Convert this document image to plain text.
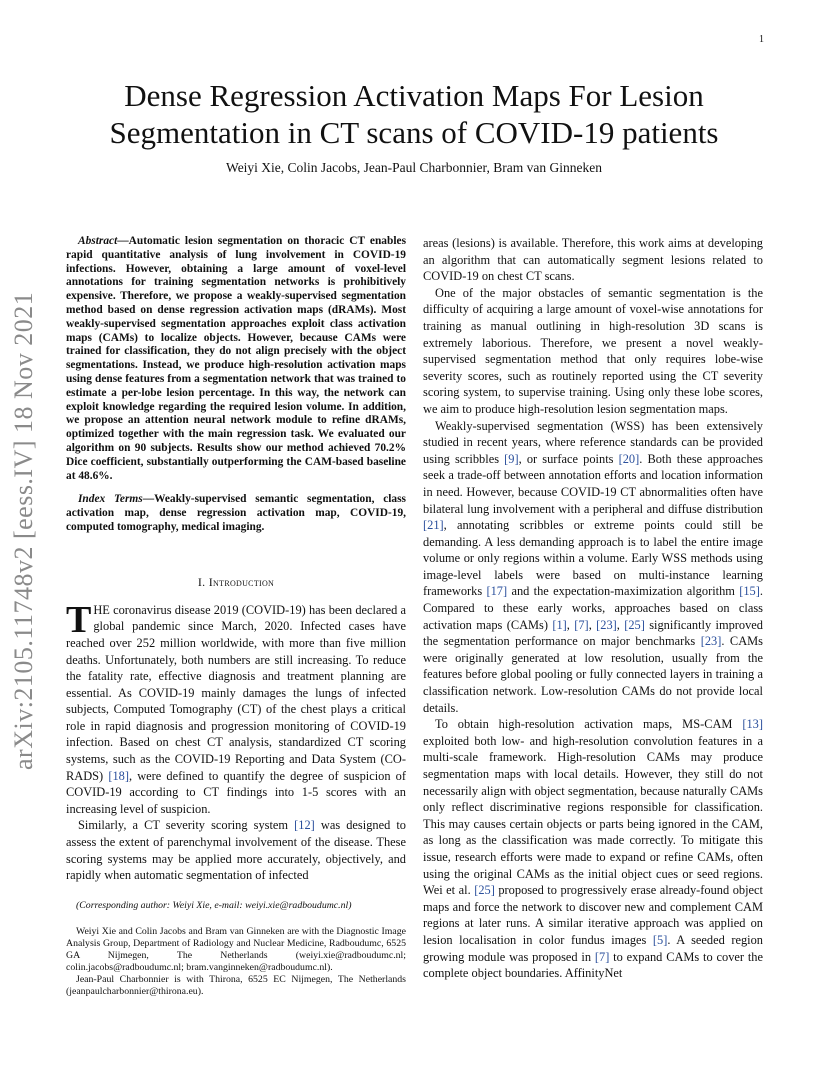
1
arXiv:2105.11748v2 [eess.IV] 18 Nov 2021
Dense Regression Activation Maps For Lesion Segmentation in CT scans of COVID-19 patients
Weiyi Xie, Colin Jacobs, Jean-Paul Charbonnier, Bram van Ginneken

Abstract—Automatic lesion segmentation on thoracic CT enables rapid quantitative analysis of lung involvement in COVID-19 infections. However, obtaining a large amount of voxel-level annotations for training segmentation networks is prohibitively expensive. Therefore, we propose a weakly-supervised segmentation method based on dense regression activation maps (dRAMs). Most weakly-supervised segmentation approaches exploit class activation maps (CAMs) to localize objects. However, because CAMs were trained for classification, they do not align precisely with the object segmentations. Instead, we produce high-resolution activation maps using dense features from a segmentation network that was trained to estimate a per-lobe lesion percentage. In this way, the network can exploit knowledge regarding the required lesion volume. In addition, we propose an attention neural network module to refine dRAMs, optimized together with the main regression task. We evaluated our algorithm on 90 subjects. Results show our method achieved 70.2% Dice coefficient, substantially outperforming the CAM-based baseline at 48.6%.

Index Terms—Weakly-supervised semantic segmentation, class activation map, dense regression activation map, COVID-19, computed tomography, medical imaging.

I. Introduction

THE coronavirus disease 2019 (COVID-19) has been declared a global pandemic since March, 2020. Infected cases have reached over 252 million worldwide, with more than five million deaths. Unfortunately, both numbers are still increasing. To reduce the fatality rate, effective diagnosis and treatment planning are essential. As COVID-19 mainly damages the lungs of infected subjects, Computed Tomography (CT) of the chest plays a critical role in rapid diagnosis and progression monitoring of COVID-19 infection. Based on chest CT analysis, standardized CT scoring systems, such as the COVID-19 Reporting and Data System (CO-RADS) [18], were defined to quantify the degree of suspicion of COVID-19 according to CT findings into 1-5 scores with an increasing level of suspicion.

Similarly, a CT severity scoring system [12] was designed to assess the extent of parenchymal involvement of the disease. These scoring systems may be applied more accurately, objectively, and rapidly when automatic segmentation of infected

(Corresponding author: Weiyi Xie, e-mail: weiyi.xie@radboudumc.nl)

Weiyi Xie and Colin Jacobs and Bram van Ginneken are with the Diagnostic Image Analysis Group, Department of Radiology and Nuclear Medicine, Radboudumc, 6525 GA Nijmegen, The Netherlands (weiyi.xie@radboudumc.nl; colin.jacobs@radboudumc.nl; bram.vanginneken@radboudumc.nl).

Jean-Paul Charbonnier is with Thirona, 6525 EC Nijmegen, The Netherlands (jeanpaulcharbonnier@thirona.eu).

areas (lesions) is available. Therefore, this work aims at developing an algorithm that can automatically segment lesions related to COVID-19 on chest CT scans.

One of the major obstacles of semantic segmentation is the difficulty of acquiring a large amount of voxel-wise annotations for training as manual outlining in high-resolution 3D scans is extremely laborious. Therefore, we present a novel weakly-supervised segmentation method that only requires lobe-wise severity scores, such as routinely reported using the CT severity scoring system, to supervise training. Using only these lobe scores, we aim to produce high-resolution lesion segmentation maps.

Weakly-supervised segmentation (WSS) has been extensively studied in recent years, where reference standards can be provided using scribbles [9], or surface points [20]. Both these approaches seek a trade-off between annotation efforts and location information in need. However, because COVID-19 CT abnormalities often have bilateral lung involvement with a peripheral and diffuse distribution [21], annotating scribbles or extreme points could still be demanding. A less demanding approach is to label the entire image volume or only regions within a volume. Early WSS methods using image-level labels were based on multi-instance learning frameworks [17] and the expectation-maximization algorithm [15]. Compared to these early works, approaches based on class activation maps (CAMs) [1], [7], [23], [25] significantly improved the segmentation performance on major benchmarks [23]. CAMs were originally generated at low resolution, usually from the features before global pooling or fully connected layers in training a classification network. Low-resolution CAMs do not provide local details.

To obtain high-resolution activation maps, MS-CAM [13] exploited both low- and high-resolution convolution features in a multi-scale framework. High-resolution CAMs may produce segmentation maps with local details. However, they still do not necessarily align with object segmentation, because naturally CAMs only reflect discriminative regions responsible for classification. This may causes certain objects or parts being ignored in the CAM, as long as the classification was made correctly. To mitigate this issue, research efforts were made to expand or refine CAMs, often using the original CAMs as the initial object cues or seed regions. Wei et al. [25] proposed to progressively erase already-found object maps and force the network to discover new and complement CAM regions at later runs. A similar iterative approach was applied on lesion localisation in color fundus images [5]. A seeded region growing module was proposed in [7] to expand CAMs to cover the complete object boundaries. AffinityNet
